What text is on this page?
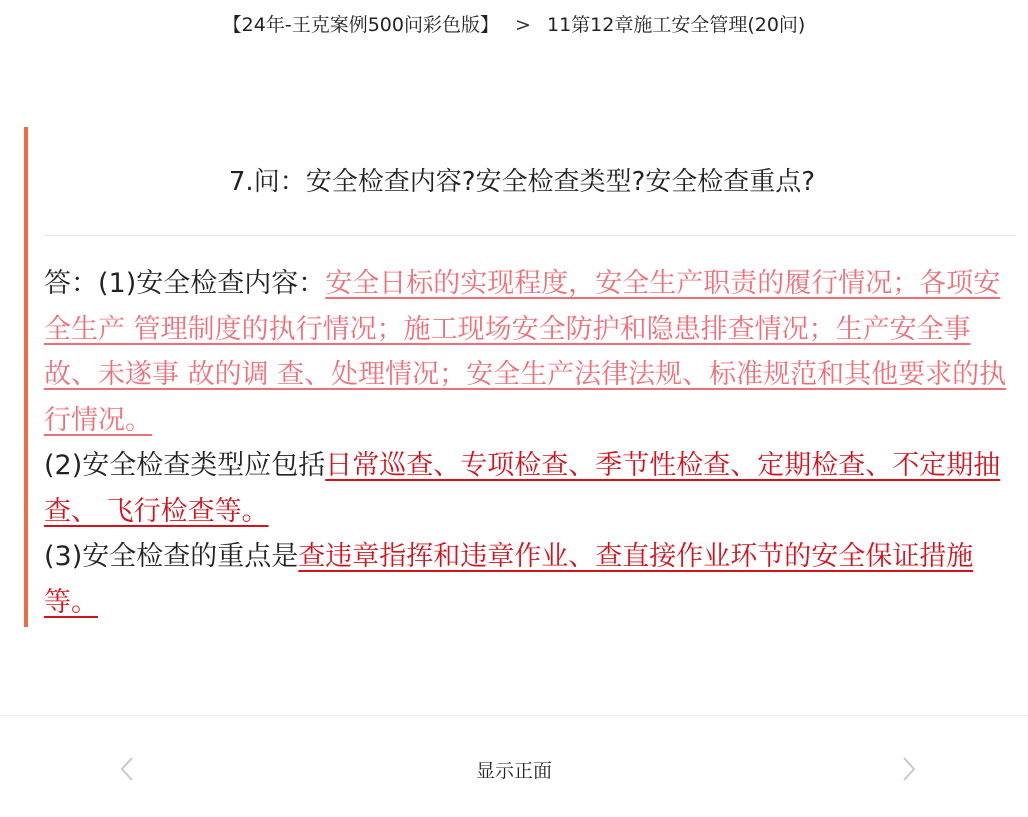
【24年-王克案例500问彩色版】 > 11第12章施工安全管理(20问)
7.问：安全检查内容?安全检查类型?安全检查重点?

答：(1)安全检查内容：安全日标的实现程度，安全生产职责的履行情况；各项安全生产 管理制度的执行情况；施工现场安全防护和隐患排查情况；生产安全事故、未遂事 故的调 查、处理情况；安全生产法律法规、标准规范和其他要求的执行情况。

(2)安全检查类型应包括日常巡查、专项检查、季节性检查、定期检查、不定期抽查、 飞行检查等。

(3)安全检查的重点是查违章指挥和违章作业、查直接作业环节的安全保证措施等。

显示正面
